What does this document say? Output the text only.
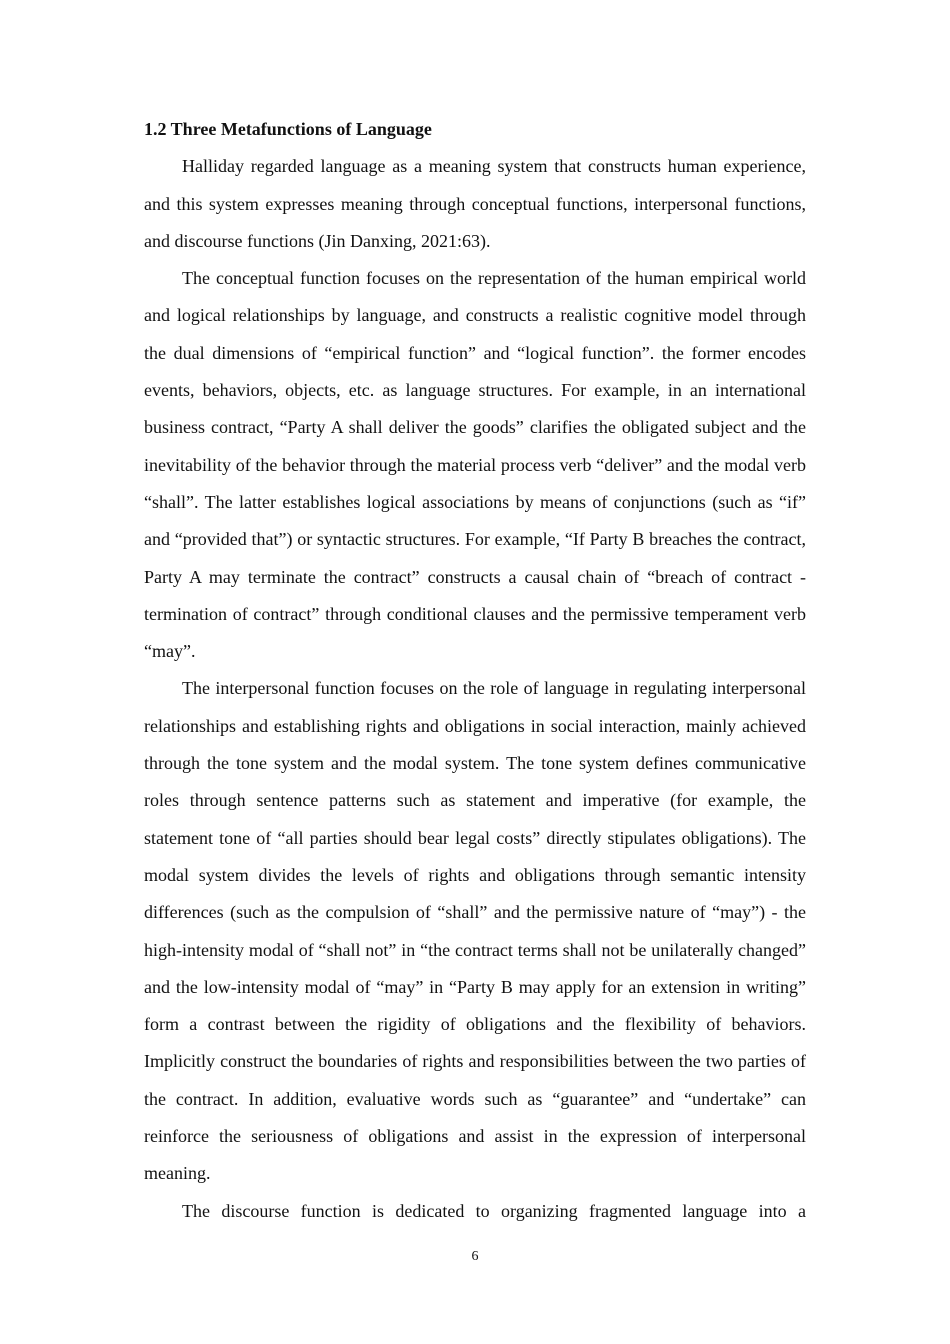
1.2 Three Metafunctions of Language

Halliday regarded language as a meaning system that constructs human experience, and this system expresses meaning through conceptual functions, interpersonal functions, and discourse functions (Jin Danxing, 2021:63).

The conceptual function focuses on the representation of the human empirical world and logical relationships by language, and constructs a realistic cognitive model through the dual dimensions of “empirical function” and “logical function”. the former encodes events, behaviors, objects, etc. as language structures. For example, in an international business contract, “Party A shall deliver the goods” clarifies the obligated subject and the inevitability of the behavior through the material process verb “deliver” and the modal verb “shall”. The latter establishes logical associations by means of conjunctions (such as “if” and “provided that”) or syntactic structures. For example, “If Party B breaches the contract, Party A may terminate the contract” constructs a causal chain of “breach of contract - termination of contract” through conditional clauses and the permissive temperament verb “may”.

The interpersonal function focuses on the role of language in regulating interpersonal relationships and establishing rights and obligations in social interaction, mainly achieved through the tone system and the modal system. The tone system defines communicative roles through sentence patterns such as statement and imperative (for example, the statement tone of “all parties should bear legal costs” directly stipulates obligations). The modal system divides the levels of rights and obligations through semantic intensity differences (such as the compulsion of “shall” and the permissive nature of “may”) - the high-intensity modal of “shall not” in “the contract terms shall not be unilaterally changed” and the low-intensity modal of “may” in “Party B may apply for an extension in writing” form a contrast between the rigidity of obligations and the flexibility of behaviors. Implicitly construct the boundaries of rights and responsibilities between the two parties of the contract. In addition, evaluative words such as “guarantee” and “undertake” can reinforce the seriousness of obligations and assist in the expression of interpersonal meaning.

The discourse function is dedicated to organizing fragmented language into a

6
